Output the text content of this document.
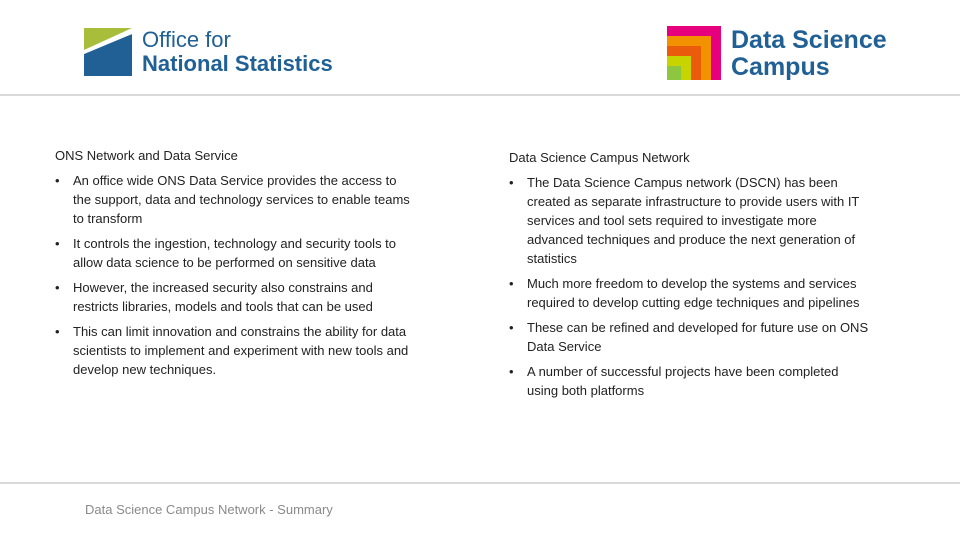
Office for
National Statistics
Data Science
Campus
ONS Network and Data Service
• An office wide ONS Data Service provides the access to the support, data and technology services to enable teams to transform
• It controls the ingestion, technology and security tools to allow data science to be performed on sensitive data
• However, the increased security also constrains and restricts libraries, models and tools that can be used
• This can limit innovation and constrains the ability for data scientists to implement and experiment with new tools and develop new techniques.
Data Science Campus Network
• The Data Science Campus network (DSCN) has been created as separate infrastructure to provide users with IT services and tool sets required to investigate more advanced techniques and produce the next generation of statistics
• Much more freedom to develop the systems and services required to develop cutting edge techniques and pipelines
• These can be refined and developed for future use on ONS Data Service
• A number of successful projects have been completed using both platforms
Data Science Campus Network - Summary
